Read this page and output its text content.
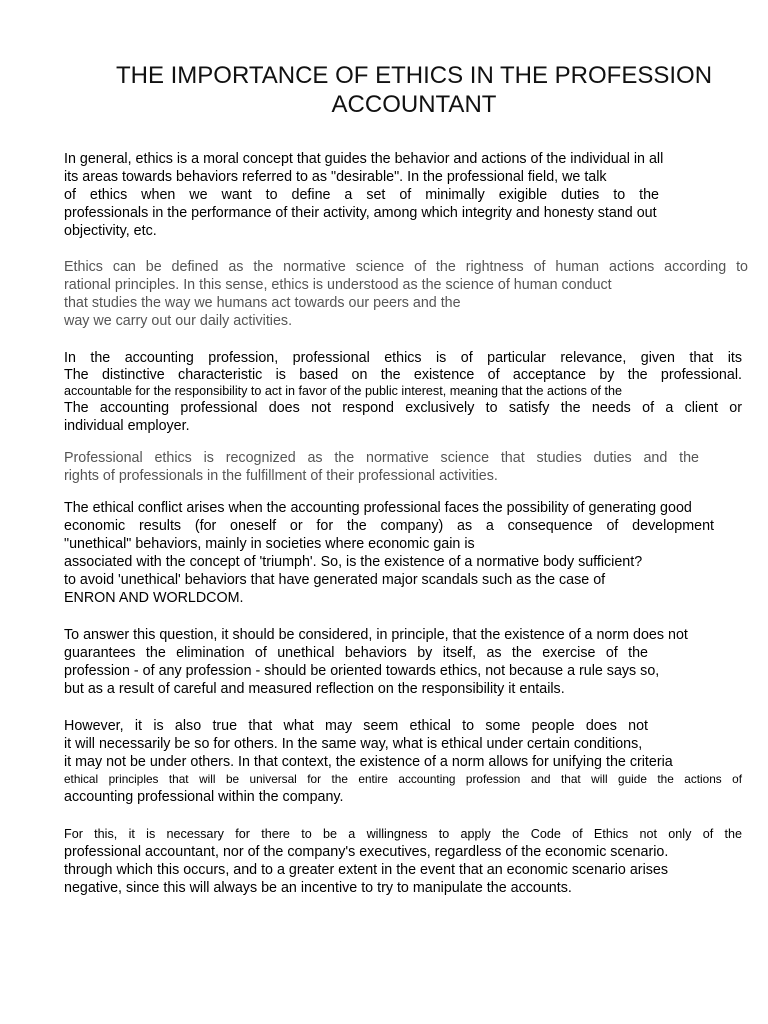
THE IMPORTANCE OF ETHICS IN THE PROFESSION
ACCOUNTANT
In general, ethics is a moral concept that guides the behavior and actions of the individual in all
its areas towards behaviors referred to as "desirable". In the professional field, we talk
of ethics when we want to define a set of minimally exigible duties to the
professionals in the performance of their activity, among which integrity and honesty stand out
objectivity, etc.
Ethics can be defined as the normative science of the rightness of human actions according to
rational principles. In this sense, ethics is understood as the science of human conduct
that studies the way we humans act towards our peers and the
way we carry out our daily activities.
In the accounting profession, professional ethics is of particular relevance, given that its
The distinctive characteristic is based on the existence of acceptance by the professional.
accountable for the responsibility to act in favor of the public interest, meaning that the actions of the
The accounting professional does not respond exclusively to satisfy the needs of a client or
individual employer.
Professional ethics is recognized as the normative science that studies duties and the
rights of professionals in the fulfillment of their professional activities.
The ethical conflict arises when the accounting professional faces the possibility of generating good
economic results (for oneself or for the company) as a consequence of development
"unethical" behaviors, mainly in societies where economic gain is
associated with the concept of 'triumph'. So, is the existence of a normative body sufficient?
to avoid 'unethical' behaviors that have generated major scandals such as the case of
ENRON AND WORLDCOM.
To answer this question, it should be considered, in principle, that the existence of a norm does not
guarantees the elimination of unethical behaviors by itself, as the exercise of the
profession - of any profession - should be oriented towards ethics, not because a rule says so,
but as a result of careful and measured reflection on the responsibility it entails.
However, it is also true that what may seem ethical to some people does not
it will necessarily be so for others. In the same way, what is ethical under certain conditions,
it may not be under others. In that context, the existence of a norm allows for unifying the criteria
ethical principles that will be universal for the entire accounting profession and that will guide the actions of
accounting professional within the company.
For this, it is necessary for there to be a willingness to apply the Code of Ethics not only of the
professional accountant, nor of the company's executives, regardless of the economic scenario.
through which this occurs, and to a greater extent in the event that an economic scenario arises
negative, since this will always be an incentive to try to manipulate the accounts.
